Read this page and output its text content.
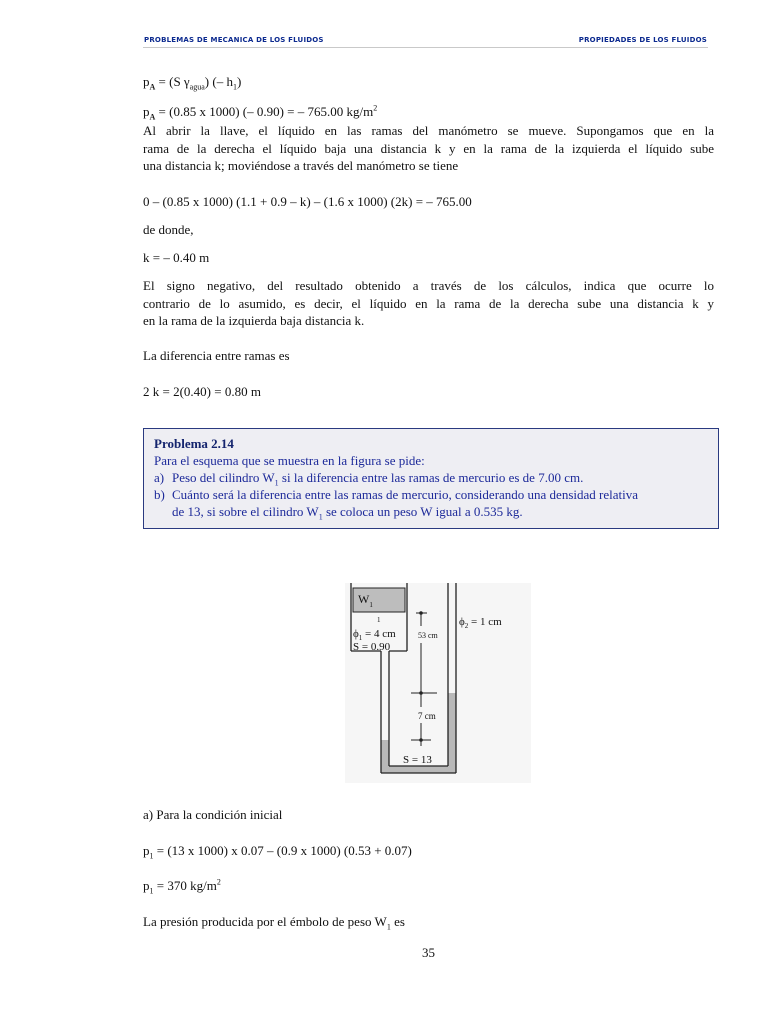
PROBLEMAS DE MECANICA DE LOS FLUIDOS	PROPIEDADES DE LOS FLUIDOS
$p_A = (S$ $\gamma_{agua}$) (– $h_1$)
$p_A = (0.85$ x 1000) (– 0.90) = – 765.00 $kg/m^2$
Al abrir la llave, el líquido en las ramas del manómetro se mueve. Supongamos que en la
rama de la derecha el líquido baja una distancia k y en la rama de la izquierda el líquido sube
una distancia k; moviéndose a través del manómetro se tiene
0 – (0.85 x 1000) (1.1 + 0.9 – k) – (1.6 x 1000) (2k) = – 765.00
de donde,
k = – 0.40 m
El signo negativo, del resultado obtenido a través de los cálculos, indica que ocurre lo
contrario de lo asumido, es decir, el líquido en la rama de la derecha sube una distancia k y
en la rama de la izquierda baja distancia k.
La diferencia entre ramas es
2 k = 2(0.40) = 0.80 m
Problema 2.14
Para el esquema que se muestra en la figura se pide:
a) Peso del cilindro $W_1$ si la diferencia entre las ramas de mercurio es de 7.00 cm.
b) Cuánto será la diferencia entre las ramas de mercurio, considerando una densidad relativa
de 13, si sobre el cilindro $W_1$ se coloca un peso W igual a 0.535 kg.
$W_1$
1
$\phi_1 = 4$ cm
S = 0.90
53 cm
$\phi_2 = 1$ cm
7 cm
S = 13
a) Para la condición inicial
$p_1 = (13$ x 1000) x 0.07 – (0.9 x 1000) (0.53 + 0.07)
$p_1 = 370$ $kg/m^2$
La presión producida por el émbolo de peso $W_1$ es
35
